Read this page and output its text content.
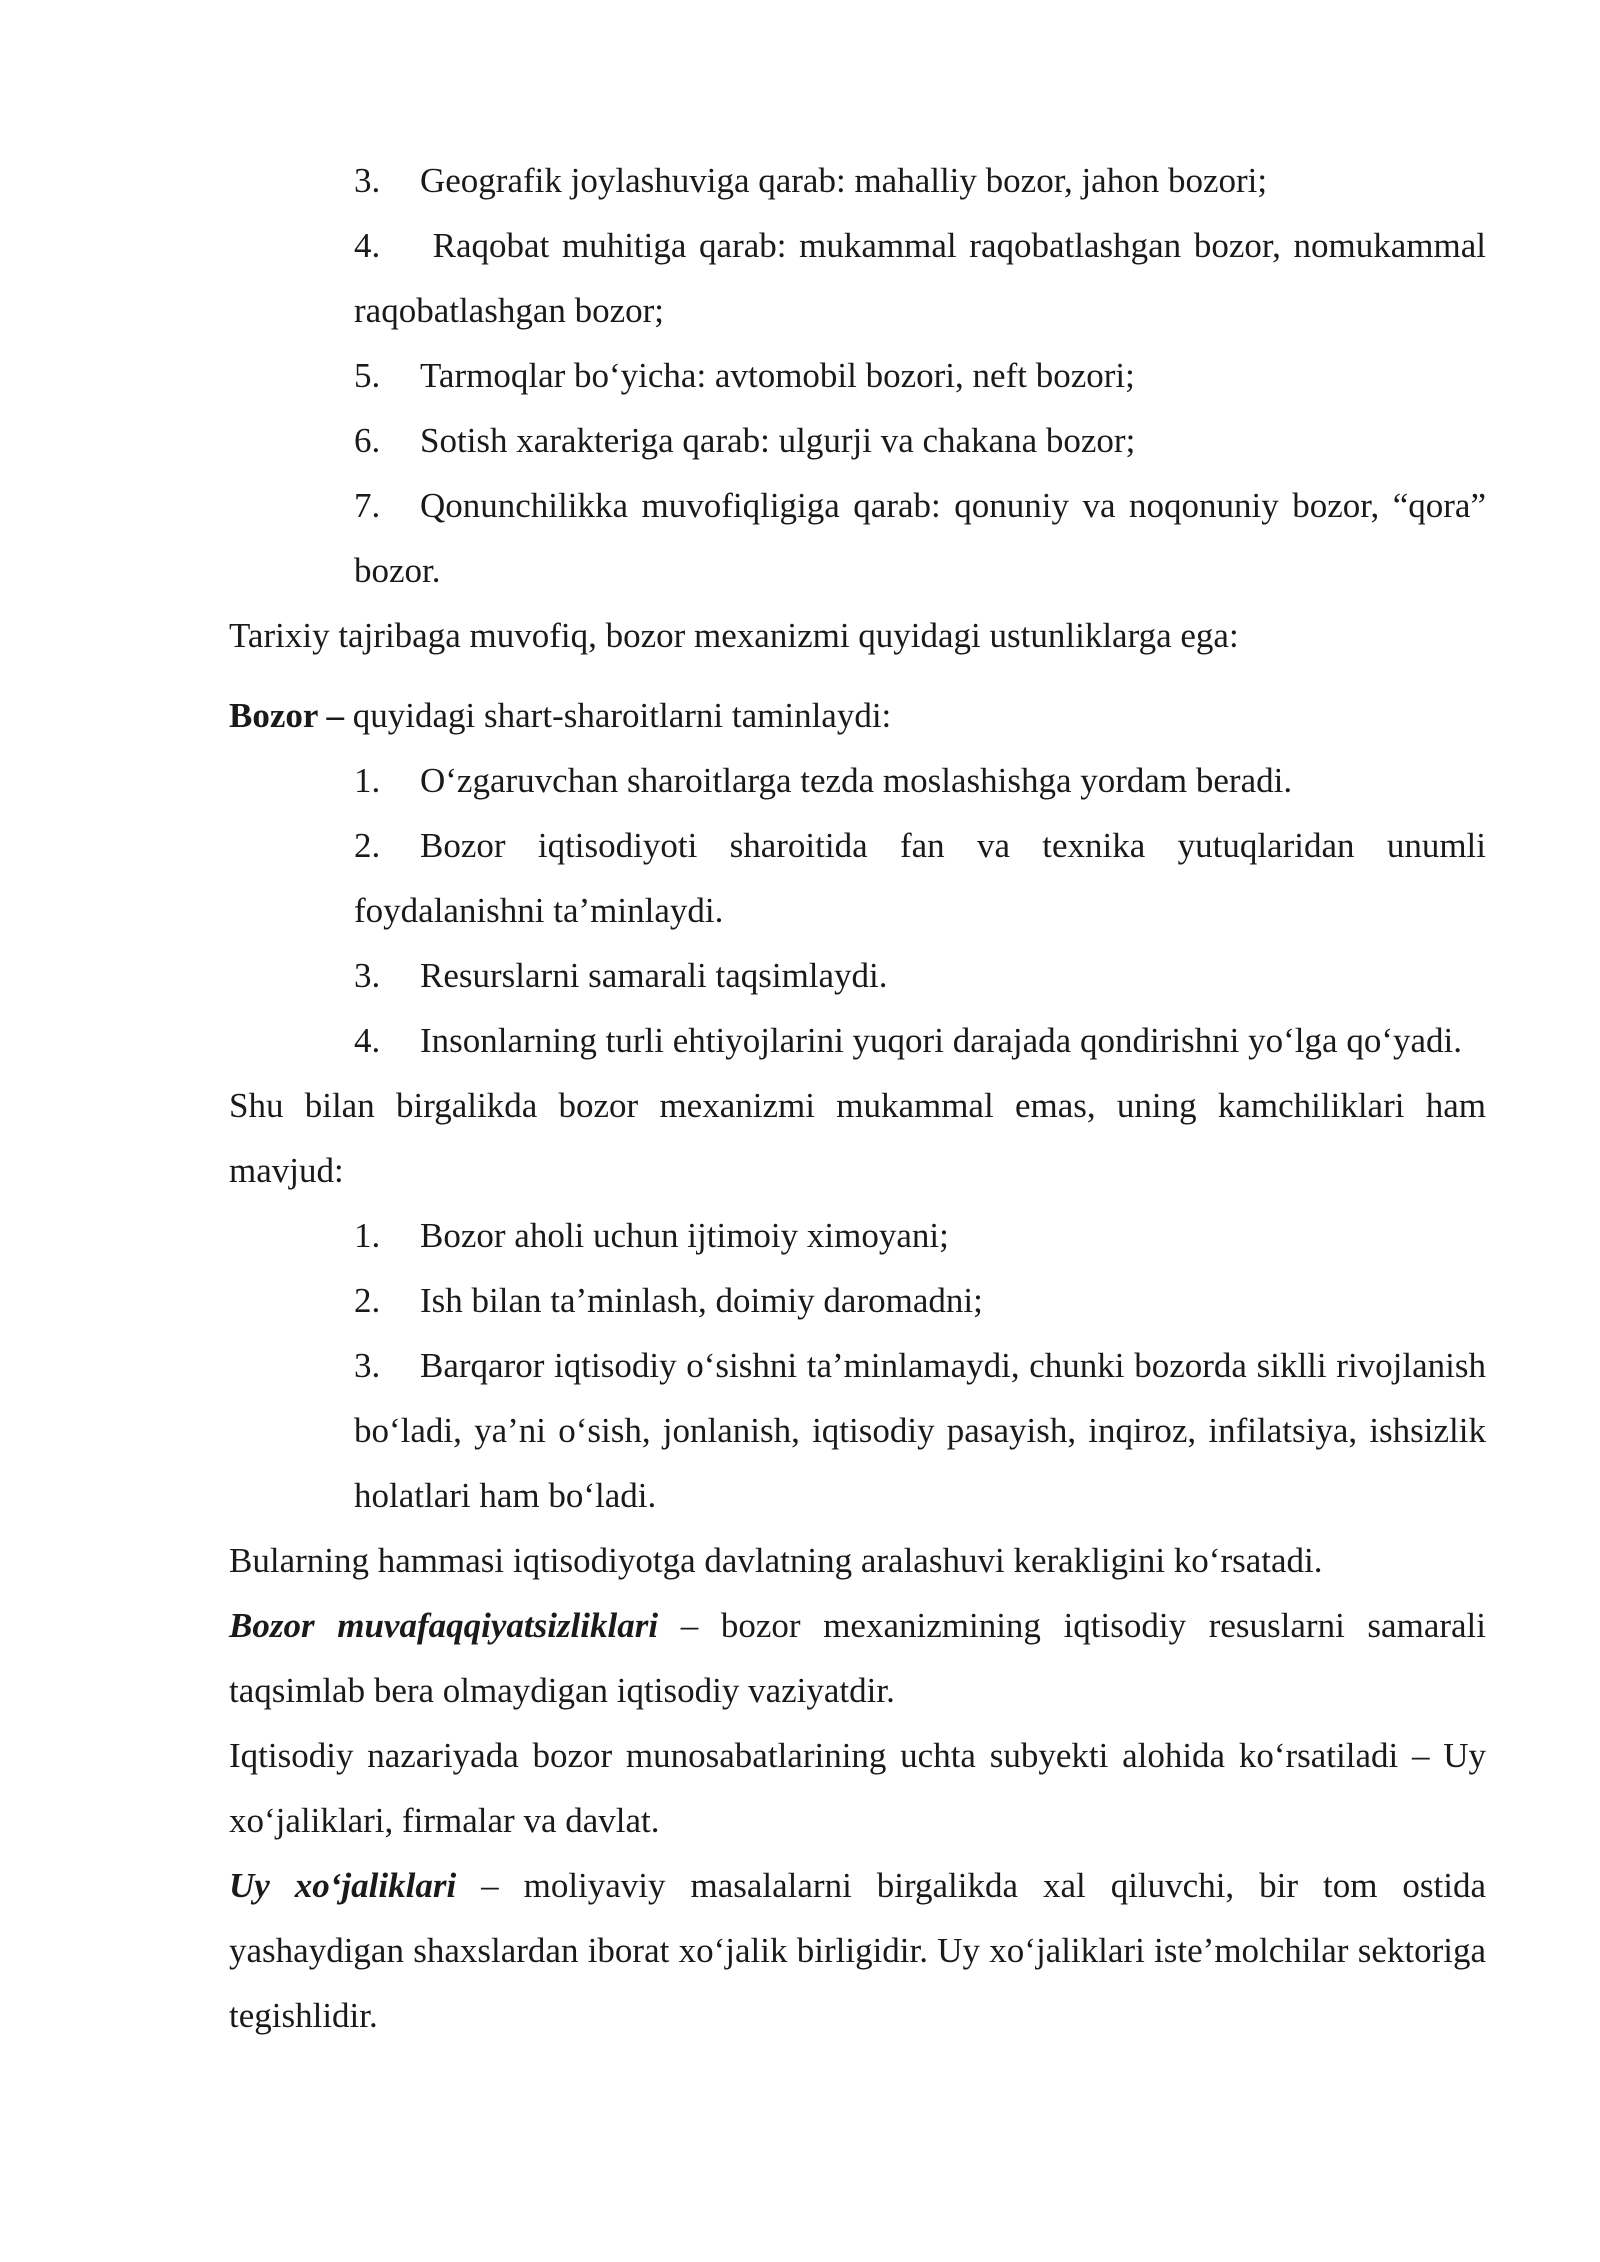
3. Geografik joylashuviga qarab: mahalliy bozor, jahon bozori;
4. Raqobat muhitiga qarab: mukammal raqobatlashgan bozor, nomukammal raqobatlashgan bozor;
5. Tarmoqlar bo‘yicha: avtomobil bozori, neft bozori;
6. Sotish xarakteriga qarab: ulgurji va chakana bozor;
7. Qonunchilikka muvofiqligiga qarab: qonuniy va noqonuniy bozor, “qora” bozor.
Tarixiy tajribaga muvofiq, bozor mexanizmi quyidagi ustunliklarga ega:
Bozor – quyidagi shart-sharoitlarni taminlaydi:
1. O‘zgaruvchan sharoitlarga tezda moslashishga yordam beradi.
2. Bozor iqtisodiyoti sharoitida fan va texnika yutuqlaridan unumli foydalanishni ta’minlaydi.
3. Resurslarni samarali taqsimlaydi.
4. Insonlarning turli ehtiyojlarini yuqori darajada qondirishni yo‘lga qo‘yadi.
Shu bilan birgalikda bozor mexanizmi mukammal emas, uning kamchiliklari ham mavjud:
1. Bozor aholi uchun ijtimoiy ximoyani;
2. Ish bilan ta’minlash, doimiy daromadni;
3. Barqaror iqtisodiy o‘sishni ta’minlamaydi, chunki bozorda siklli rivojlanish bo‘ladi, ya’ni o‘sish, jonlanish, iqtisodiy pasayish, inqiroz, infilatsiya, ishsizlik holatlari ham bo‘ladi.
Bularning hammasi iqtisodiyotga davlatning aralashuvi kerakligini ko‘rsatadi.
Bozor muvafaqqiyatsizliklari – bozor mexanizmining iqtisodiy resuslarni samarali taqsimlab bera olmaydigan iqtisodiy vaziyatdir.
Iqtisodiy nazariyada bozor munosabatlarining uchta subyekti alohida ko‘rsatiladi – Uy xo‘jaliklari, firmalar va davlat.
Uy xo‘jaliklari – moliyaviy masalalarni birgalikda xal qiluvchi, bir tom ostida yashaydigan shaxslardan iborat xo‘jalik birligidir. Uy xo‘jaliklari iste’molchilar sektoriga tegishlidir.
